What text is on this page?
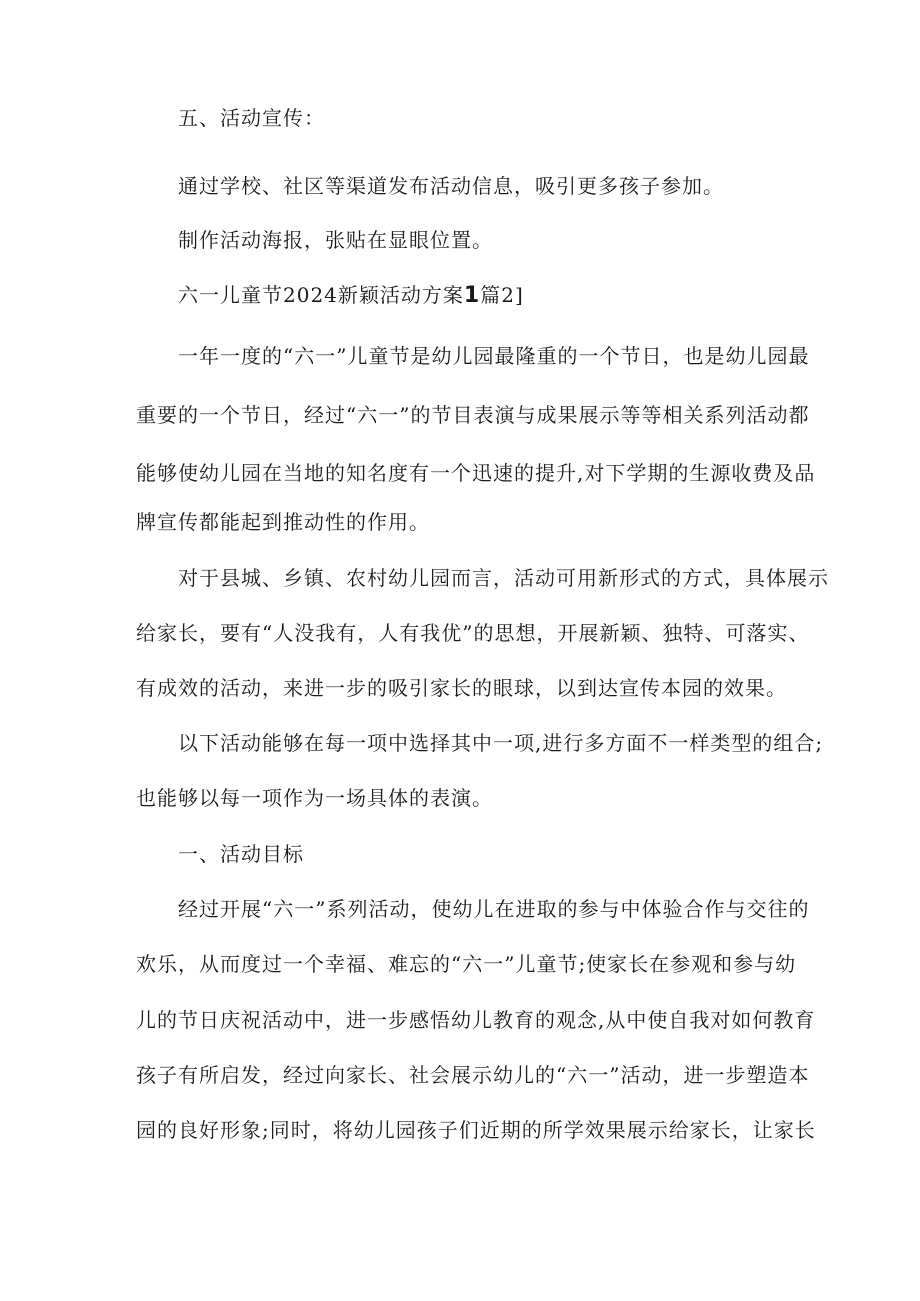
五、活动宣传：
通过学校、社区等渠道发布活动信息，吸引更多孩子参加。
制作活动海报，张贴在显眼位置。
六一儿童节2024新颖活动方案1篇2]
一年一度的“六一”儿童节是幼儿园最隆重的一个节日，也是幼儿园最
重要的一个节日，经过“六一”的节目表演与成果展示等等相关系列活动都
能够使幼儿园在当地的知名度有一个迅速的提升,对下学期的生源收费及品
牌宣传都能起到推动性的作用。
对于县城、乡镇、农村幼儿园而言，活动可用新形式的方式，具体展示
给家长，要有“人没我有，人有我优”的思想，开展新颖、独特、可落实、
有成效的活动，来进一步的吸引家长的眼球，以到达宣传本园的效果。
以下活动能够在每一项中选择其中一项,进行多方面不一样类型的组合;
也能够以每一项作为一场具体的表演。
一、活动目标
经过开展“六一”系列活动，使幼儿在进取的参与中体验合作与交往的
欢乐，从而度过一个幸福、难忘的“六一”儿童节;使家长在参观和参与幼
儿的节日庆祝活动中，进一步感悟幼儿教育的观念,从中使自我对如何教育
孩子有所启发，经过向家长、社会展示幼儿的“六一”活动，进一步塑造本
园的良好形象;同时，将幼儿园孩子们近期的所学效果展示给家长，让家长
